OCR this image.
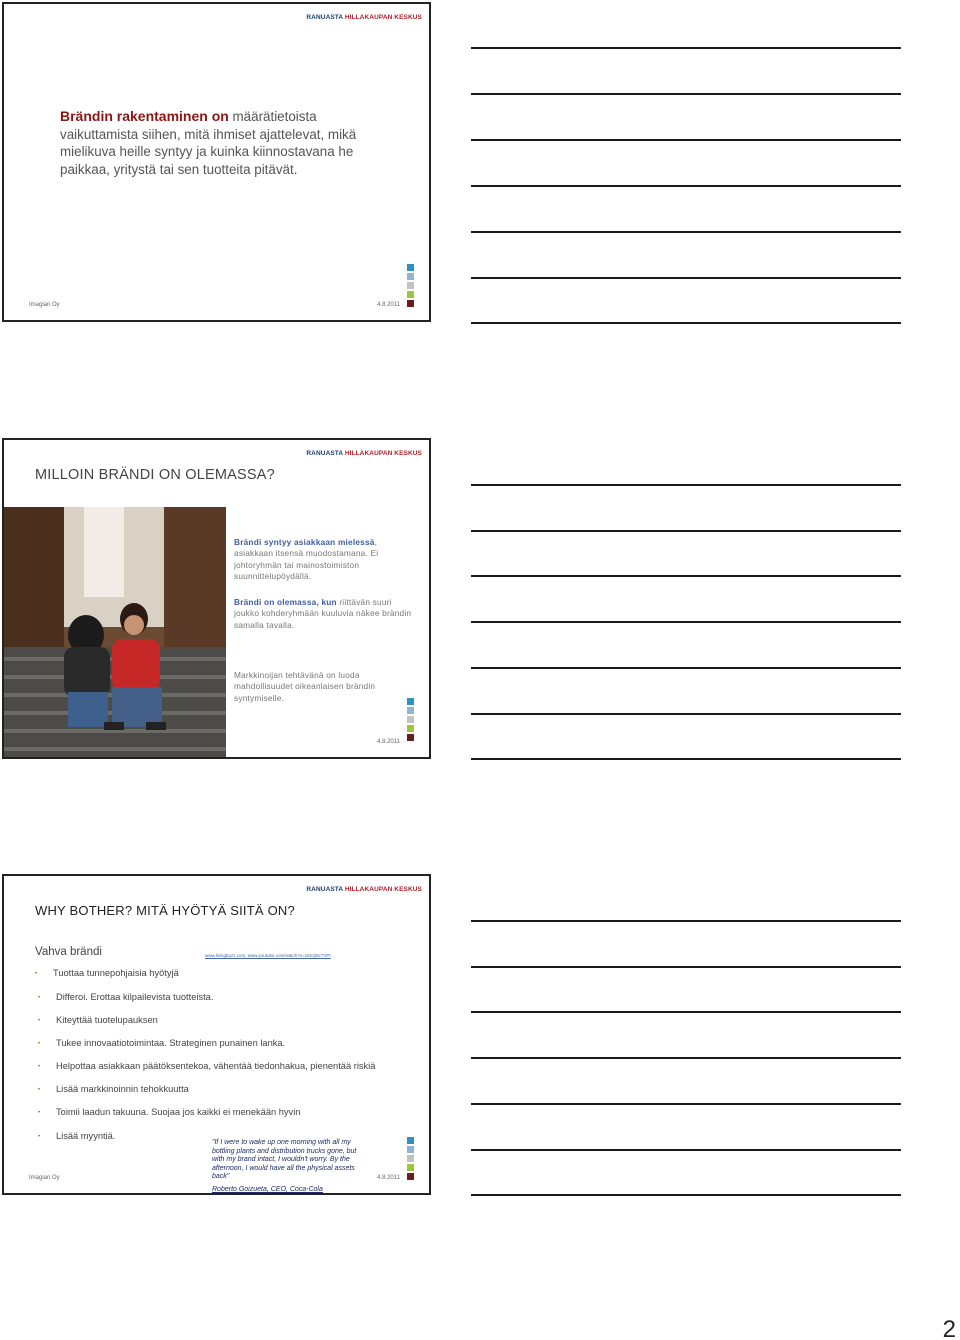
RANUASTA HILLAKAUPAN KESKUS
Brändin rakentaminen on määrätietoista vaikuttamista siihen, mitä ihmiset ajattelevat, mikä mielikuva heille syntyy ja kuinka kiinnostavana he paikkaa, yritystä tai sen tuotteita pitävät.
Imagian Oy	4.8.2011
RANUASTA HILLAKAUPAN KESKUS
MILLOIN BRÄNDI ON OLEMASSA?
Brändi syntyy asiakkaan mielessä, asiakkaan itsensä muodostamana. Ei johtoryhmän tai mainostoimiston suunnittelupöydällä.
Brändi on olemassa, kun riittävän suuri joukko kohderyhmään kuuluvia näkee brändin samalla tavalla.
Markkinoijan tehtävänä on luoda mahdollisuudet oikeanlaisen brändin syntymiselle.
4.8.2011
RANUASTA HILLAKAUPAN KESKUS
WHY BOTHER? MITÄ HYÖTYÄ SIITÄ ON?
Vahva brändi	www.livingbuzz.com, www.youtube.com/watch?v=1i0cQKr7VPI
• Tuottaa tunnepohjaisia hyötyjä
• Differoi. Erottaa kilpailevista tuotteista.
• Kiteyttää tuotelupauksen
• Tukee innovaatiotoimintaa. Strateginen punainen lanka.
• Helpottaa asiakkaan päätöksentekoa, vähentää tiedonhakua, pienentää riskiä
• Lisää markkinoinnin tehokkuutta
• Toimii laadun takuuna. Suojaa jos kaikki ei menekään hyvin
• Lisää myyntiä.
"If I were to wake up one morning with all my bottling plants and distribution trucks gone, but with my brand intact, I wouldn't worry. By the afternoon, I would have all the physical assets back"
Roberto Goizueta, CEO, Coca-Cola
Imagian Oy	4.8.2011
2
